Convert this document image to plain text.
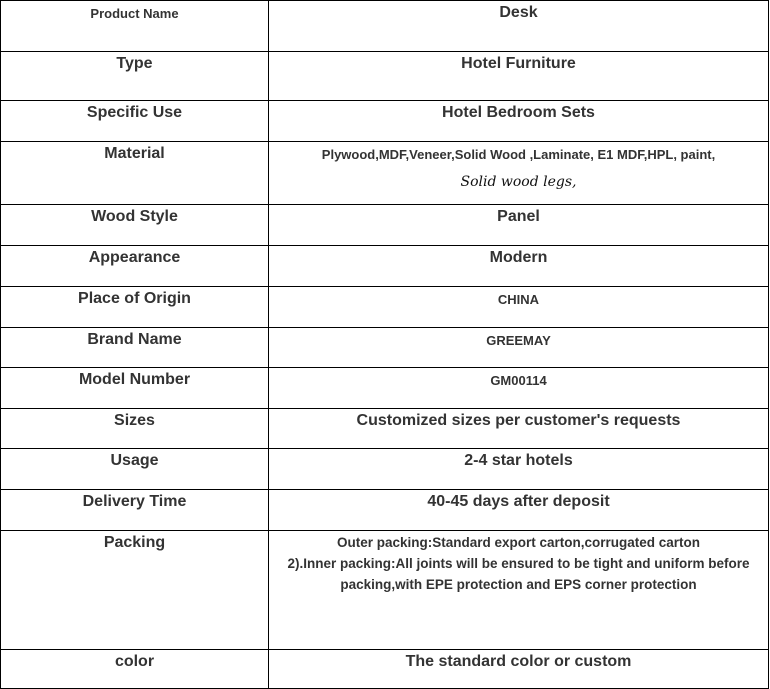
Product Name	Desk
Type	Hotel Furniture
Specific Use	Hotel Bedroom Sets
Material	Plywood,MDF,Veneer,Solid Wood ,Laminate, E1 MDF,HPL, paint,
Solid wood legs,

Wood Style	Panel
Appearance	Modern
Place of Origin	CHINA
Brand Name	GREEMAY
Model Number	GM00114
Sizes	Customized sizes per customer's requests
Usage	2-4 star hotels
Delivery Time	40-45 days after deposit
Packing	Outer packing:Standard export carton,corrugated carton
2).Inner packing:All joints will be ensured to be tight and uniform before packing,with EPE protection and EPS corner protection

color	The standard color or custom
